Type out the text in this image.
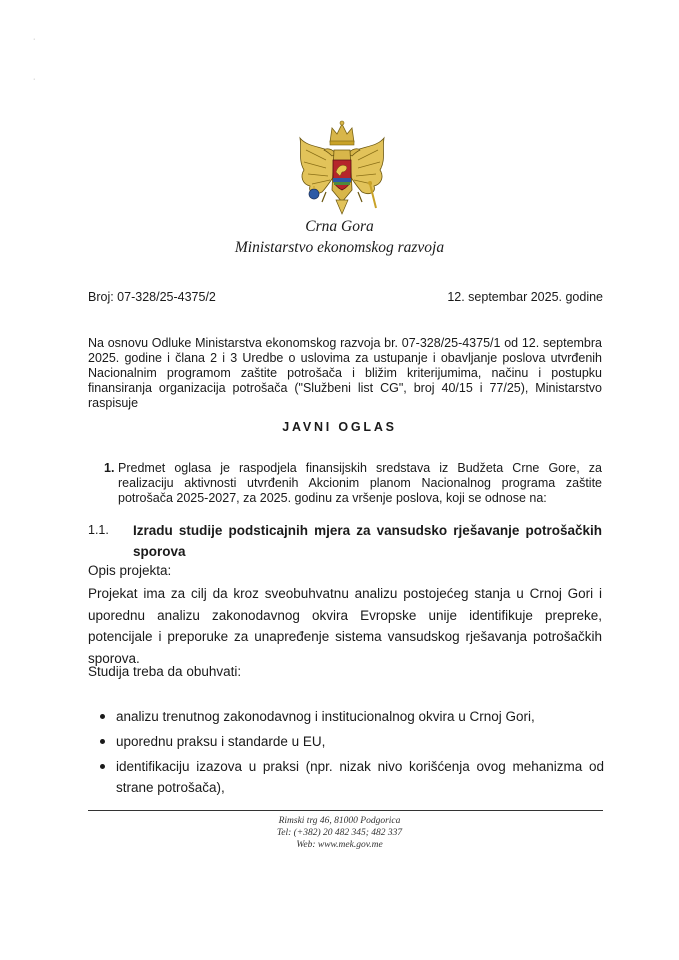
·
·
Crna Gora
Ministarstvo ekonomskog razvoja
Broj: 07-328/25-4375/2	12. septembar 2025. godine
Na osnovu Odluke Ministarstva ekonomskog razvoja br. 07-328/25-4375/1 od 12. septembra 2025. godine i člana 2 i 3 Uredbe o uslovima za ustupanje i obavljanje poslova utvrđenih Nacionalnim programom zaštite potrošača i bližim kriterijumima, načinu i postupku finansiranja organizacija potrošača ("Službeni list CG", broj 40/15 i 77/25), Ministarstvo raspisuje
JAVNI OGLAS
1. Predmet oglasa je raspodjela finansijskih sredstava iz Budžeta Crne Gore, za realizaciju aktivnosti utvrđenih Akcionim planom Nacionalnog programa zaštite potrošača 2025-2027, za 2025. godinu za vršenje poslova, koji se odnose na:
1.1. Izradu studije podsticajnih mjera za vansudsko rješavanje potrošačkih sporova
Opis projekta:
Projekat ima za cilj da kroz sveobuhvatnu analizu postojećeg stanja u Crnoj Gori i uporednu analizu zakonodavnog okvira Evropske unije identifikuje prepreke, potencijale i preporuke za unapređenje sistema vansudskog rješavanja potrošačkih sporova.
Studija treba da obuhvati:
analizu trenutnog zakonodavnog i institucionalnog okvira u Crnoj Gori,
uporednu praksu i standarde u EU,
identifikaciju izazova u praksi (npr. nizak nivo korišćenja ovog mehanizma od strane potrošača),
Rimski trg 46, 81000 Podgorica
Tel: (+382) 20 482 345; 482 337
Web: www.mek.gov.me
